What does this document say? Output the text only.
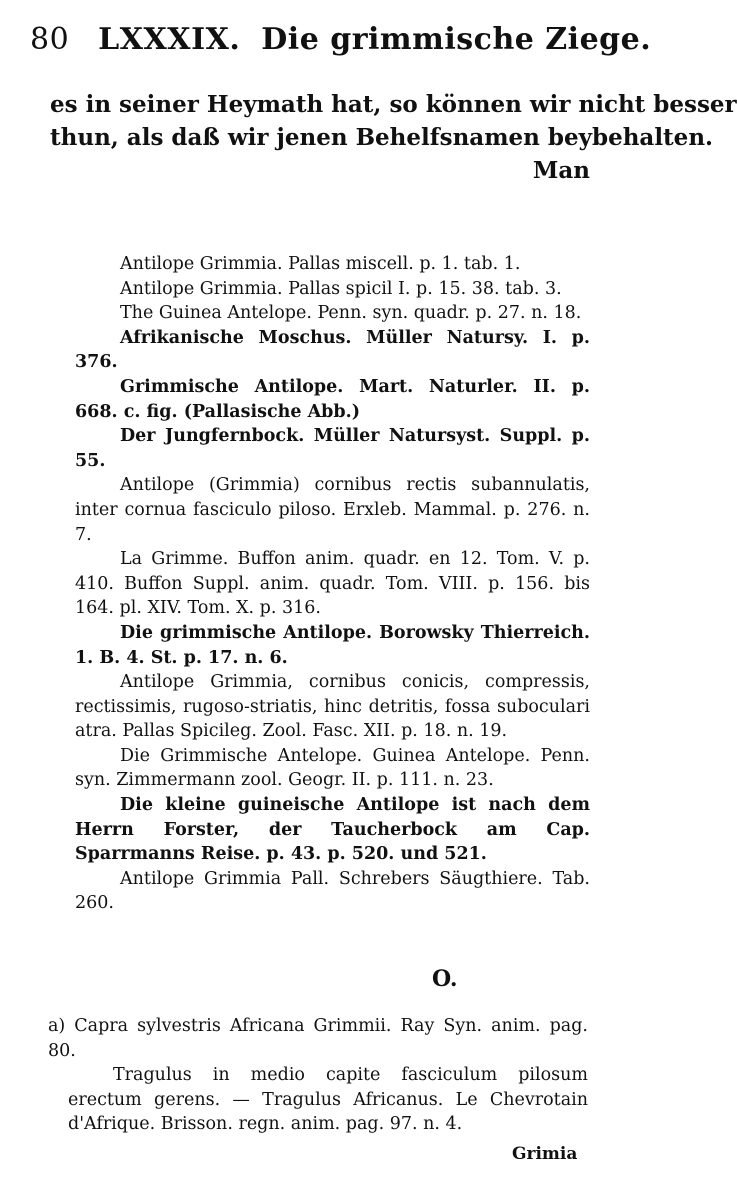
80 LXXXIX. Die grimmische Ziege.
es in seiner Heymath hat, so können wir nicht besser
thun, als daß wir jenen Behelfsnamen beybehalten.
Man

Antilope Grimmia. Pallas miscell. p. 1. tab. 1.

Antilope Grimmia. Pallas spicil I. p. 15. 38. tab. 3.

The Guinea Antelope. Penn. syn. quadr. p. 27. n. 18.

Afrikanische Moschus. Müller Natursy. I. p. 376.

Grimmische Antilope. Mart. Naturler. II. p. 668. c. fig. (Pallasische Abb.)

Der Jungfernbock. Müller Natursyst. Suppl. p. 55.

Antilope (Grimmia) cornibus rectis subannulatis, inter cornua fasciculo piloso. Erxleb. Mammal. p. 276. n. 7.

La Grimme. Buffon anim. quadr. en 12. Tom. V. p. 410. Buffon Suppl. anim. quadr. Tom. VIII. p. 156. bis 164. pl. XIV. Tom. X. p. 316.

Die grimmische Antilope. Borowsky Thierreich. 1. B. 4. St. p. 17. n. 6.

Antilope Grimmia, cornibus conicis, compressis, rectissimis, rugoso-striatis, hinc detritis, fossa suboculari atra. Pallas Spicileg. Zool. Fasc. XII. p. 18. n. 19.

Die Grimmische Antelope. Guinea Antelope. Penn. syn. Zimmermann zool. Geogr. II. p. 111. n. 23.

Die kleine guineische Antilope ist nach dem Herrn Forster, der Taucherbock am Cap. Sparrmanns Reise. p. 43. p. 520. und 521.

Antilope Grimmia Pall. Schrebers Säugthiere. Tab. 260.

O.

a) Capra sylvestris Africana Grimmii. Ray Syn. anim. pag. 80.

Tragulus in medio capite fasciculum pilosum erectum gerens. — Tragulus Africanus. Le Chevrotain d'Afrique. Brisson. regn. anim. pag. 97. n. 4.

Grimia
